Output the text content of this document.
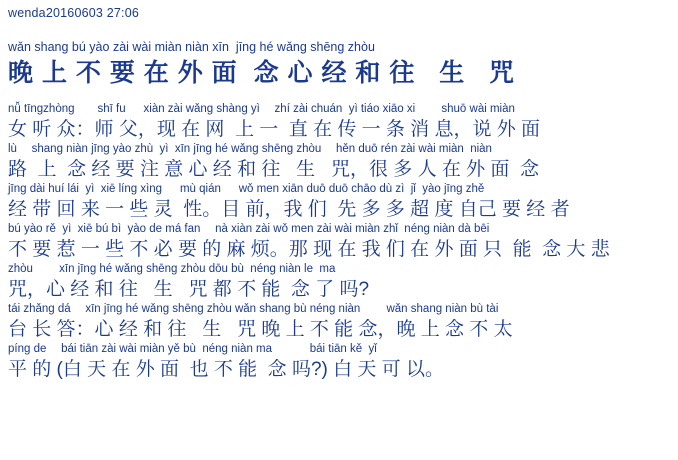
wenda20160603 27:06
wǎn shang bú yào zài wài miàn niàn xīn  jīng hé wǎng shēng zhòu
晚 上 不 要 在 外 面  念 心 经 和 往   生   咒
nǚ tīngzhòng　　shī fu 　 xiàn zài wǎng shàng yì 　zhí zài chuán  yì tiáo xiāo xi 　　shuō wài miàn
女 听 众：师 父，现 在 网  上 一  直 在 传 一 条 消 息，说 外 面
lù 　shang niàn jīng yào zhù  yì  xīn jīng hé wǎng shēng zhòu 　hěn duō rén zài wài miàn  niàn
路  上  念 经 要 注 意 心 经 和 往   生   咒，很 多 人 在 外 面  念
jīng dài huí lái  yì  xiē líng xìng 　 mù qián 　 wǒ men xiān duō duō chāo dù zì  jǐ  yào jīng zhě
经 带 回 来 一 些 灵  性。目 前，我 们  先 多 多 超 度 自己 要 经 者
bú yào rě  yì  xiē bú bì  yào de má fan 　nà xiàn zài wǒ men zài wài miàn zhǐ  néng niàn dà bēi
不 要 惹 一 些 不 必 要 的 麻 烦。那 现 在 我 们 在 外 面 只  能  念 大 悲
zhòu 　　xīn jīng hé wǎng shēng zhòu dōu bù  néng niàn le  ma
咒，心 经 和 往   生   咒 都 不 能  念 了 吗?
tái zhǎng dá 　xīn jīng hé wǎng shēng zhòu wǎn shang bù néng niàn 　　wǎn shang niàn bù tài
台 长 答：心 经 和 往   生   咒 晚 上 不 能 念，晚 上 念 不 太
píng de 　bái tiān zài wài miàn yě bù  néng niàn ma 　　　bái tiān kě  yǐ
平 的 (白 天 在 外 面  也 不 能  念 吗?) 白 天 可 以。
